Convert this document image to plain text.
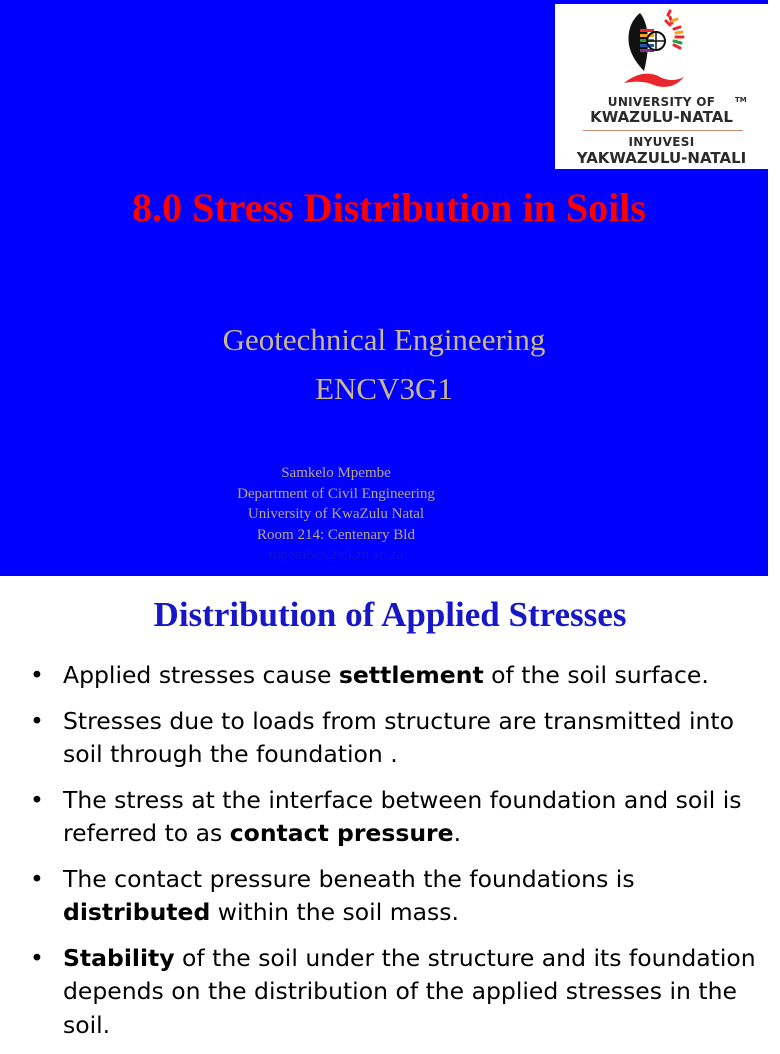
UNIVERSITY OF
KWAZULU-NATAL
TM
INYUVESI
YAKWAZULU-NATALI
8.0 Stress Distribution in Soils
Geotechnical Engineering
ENCV3G1
Samkelo Mpembe
Department of Civil Engineering
University of KwaZulu Natal
Room 214: Centenary Bld
mpembes@ukzn.ac.za
Distribution of Applied Stresses
• Applied stresses cause settlement of the soil surface.
• Stresses due to loads from structure are transmitted into soil through the foundation .
• The stress at the interface between foundation and soil is referred to as contact pressure.
• The contact pressure beneath the foundations is distributed within the soil mass.
• Stability of the soil under the structure and its foundation depends on the distribution of the applied stresses in the soil.
